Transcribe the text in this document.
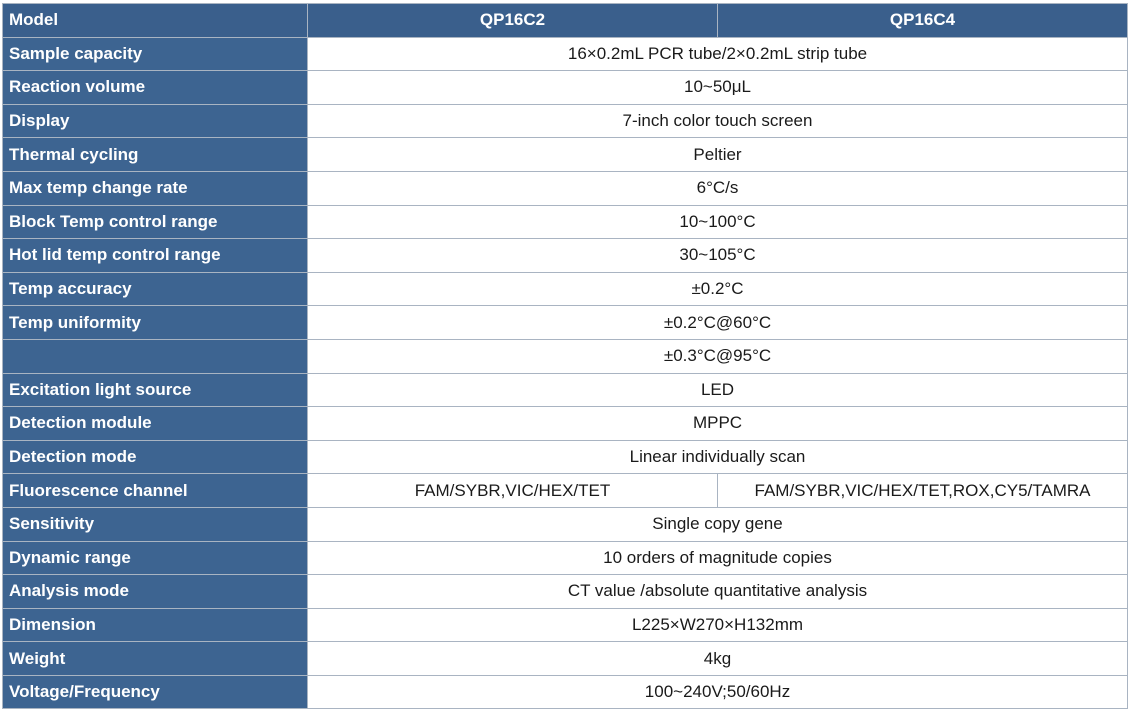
Model	QP16C2	QP16C4
Sample capacity	16×0.2mL PCR tube/2×0.2mL strip tube	
Reaction volume	10~50μL	
Display	7-inch color touch screen	
Thermal cycling	Peltier	
Max temp change rate	6°C/s	
Block Temp control range	10~100°C	
Hot lid temp control range	30~105°C	
Temp accuracy	±0.2°C	
Temp uniformity	±0.2°C@60°C	
	±0.3°C@95°C	
Excitation light source	LED	
Detection module	MPPC	
Detection mode	Linear individually scan	
Fluorescence channel	FAM/SYBR,VIC/HEX/TET	FAM/SYBR,VIC/HEX/TET,ROX,CY5/TAMRA
Sensitivity	Single copy gene	
Dynamic range	10 orders of magnitude copies	
Analysis mode	CT value /absolute quantitative analysis	
Dimension	L225×W270×H132mm	
Weight	4kg	
Voltage/Frequency	100~240V;50/60Hz	
